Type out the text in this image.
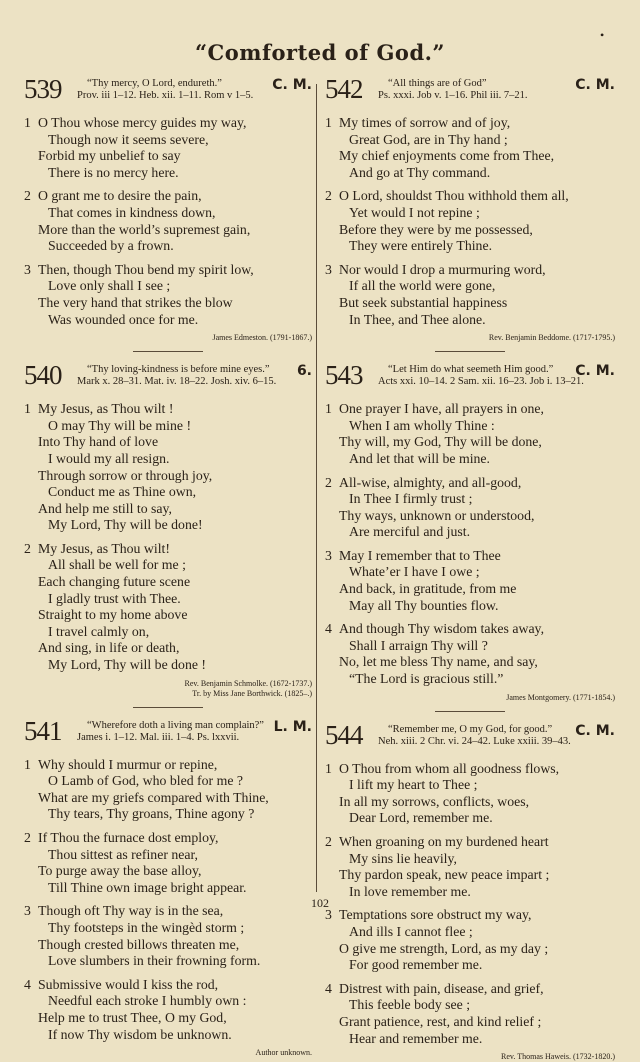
•
“Comforted of God.”
539	“Thy mercy, O Lord, endureth.”
Prov. iii 1–12. Heb. xii. 1–11. Rom v 1–5.
C. M.
1 O Thou whose mercy guides my way,
Though now it seems severe,
Forbid my unbelief to say
There is no mercy here.
2 O grant me to desire the pain,
That comes in kindness down,
More than the world’s supremest gain,
Succeeded by a frown.
3 Then, though Thou bend my spirit low,
Love only shall I see ;
The very hand that strikes the blow
Was wounded once for me.
James Edmeston. (1791-1867.)
540	“Thy loving-kindness is before mine eyes.”
Mark x. 28–31. Mat. iv. 18–22. Josh. xiv. 6–15.
6.
1 My Jesus, as Thou wilt !
O may Thy will be mine !
Into Thy hand of love
I would my all resign.
Through sorrow or through joy,
Conduct me as Thine own,
And help me still to say,
My Lord, Thy will be done!
2 My Jesus, as Thou wilt!
All shall be well for me ;
Each changing future scene
I gladly trust with Thee.
Straight to my home above
I travel calmly on,
And sing, in life or death,
My Lord, Thy will be done !
Rev. Benjamin Schmolke. (1672-1737.)
Tr. by Miss Jane Borthwick. (1825–.)
541	“Wherefore doth a living man complain?”
James i. 1–12. Mal. iii. 1–4. Ps. lxxvii.
L. M.
1 Why should I murmur or repine,
O Lamb of God, who bled for me ?
What are my griefs compared with Thine,
Thy tears, Thy groans, Thine agony ?
2 If Thou the furnace dost employ,
Thou sittest as refiner near,
To purge away the base alloy,
Till Thine own image bright appear.
3 Though oft Thy way is in the sea,
Thy footsteps in the wingèd storm ;
Though crested billows threaten me,
Love slumbers in their frowning form.
4 Submissive would I kiss the rod,
Needful each stroke I humbly own :
Help me to trust Thee, O my God,
If now Thy wisdom be unknown.
Author unknown.
542	“All things are of God”
Ps. xxxi. Job v. 1–16. Phil iii. 7–21.
C. M.
1 My times of sorrow and of joy,
Great God, are in Thy hand ;
My chief enjoyments come from Thee,
And go at Thy command.
2 O Lord, shouldst Thou withhold them all,
Yet would I not repine ;
Before they were by me possessed,
They were entirely Thine.
3 Nor would I drop a murmuring word,
If all the world were gone,
But seek substantial happiness
In Thee, and Thee alone.
Rev. Benjamin Beddome. (1717-1795.)
543	“Let Him do what seemeth Him good.”
Acts xxi. 10–14. 2 Sam. xii. 16–23. Job i. 13–21.
C. M.
1 One prayer I have, all prayers in one,
When I am wholly Thine :
Thy will, my God, Thy will be done,
And let that will be mine.
2 All-wise, almighty, and all-good,
In Thee I firmly trust ;
Thy ways, unknown or understood,
Are merciful and just.
3 May I remember that to Thee
Whate’er I have I owe ;
And back, in gratitude, from me
May all Thy bounties flow.
4 And though Thy wisdom takes away,
Shall I arraign Thy will ?
No, let me bless Thy name, and say,
“The Lord is gracious still.”
James Montgomery. (1771-1854.)
544	“Remember me, O my God, for good.”
Neh. xiii. 2 Chr. vi. 24–42. Luke xxiii. 39–43.
C. M.
1 O Thou from whom all goodness flows,
I lift my heart to Thee ;
In all my sorrows, conflicts, woes,
Dear Lord, remember me.
2 When groaning on my burdened heart
My sins lie heavily,
Thy pardon speak, new peace impart ;
In love remember me.
3 Temptations sore obstruct my way,
And ills I cannot flee ;
O give me strength, Lord, as my day ;
For good remember me.
4 Distrest with pain, disease, and grief,
This feeble body see ;
Grant patience, rest, and kind relief ;
Hear and remember me.
Rev. Thomas Haweis. (1732-1820.)
102
